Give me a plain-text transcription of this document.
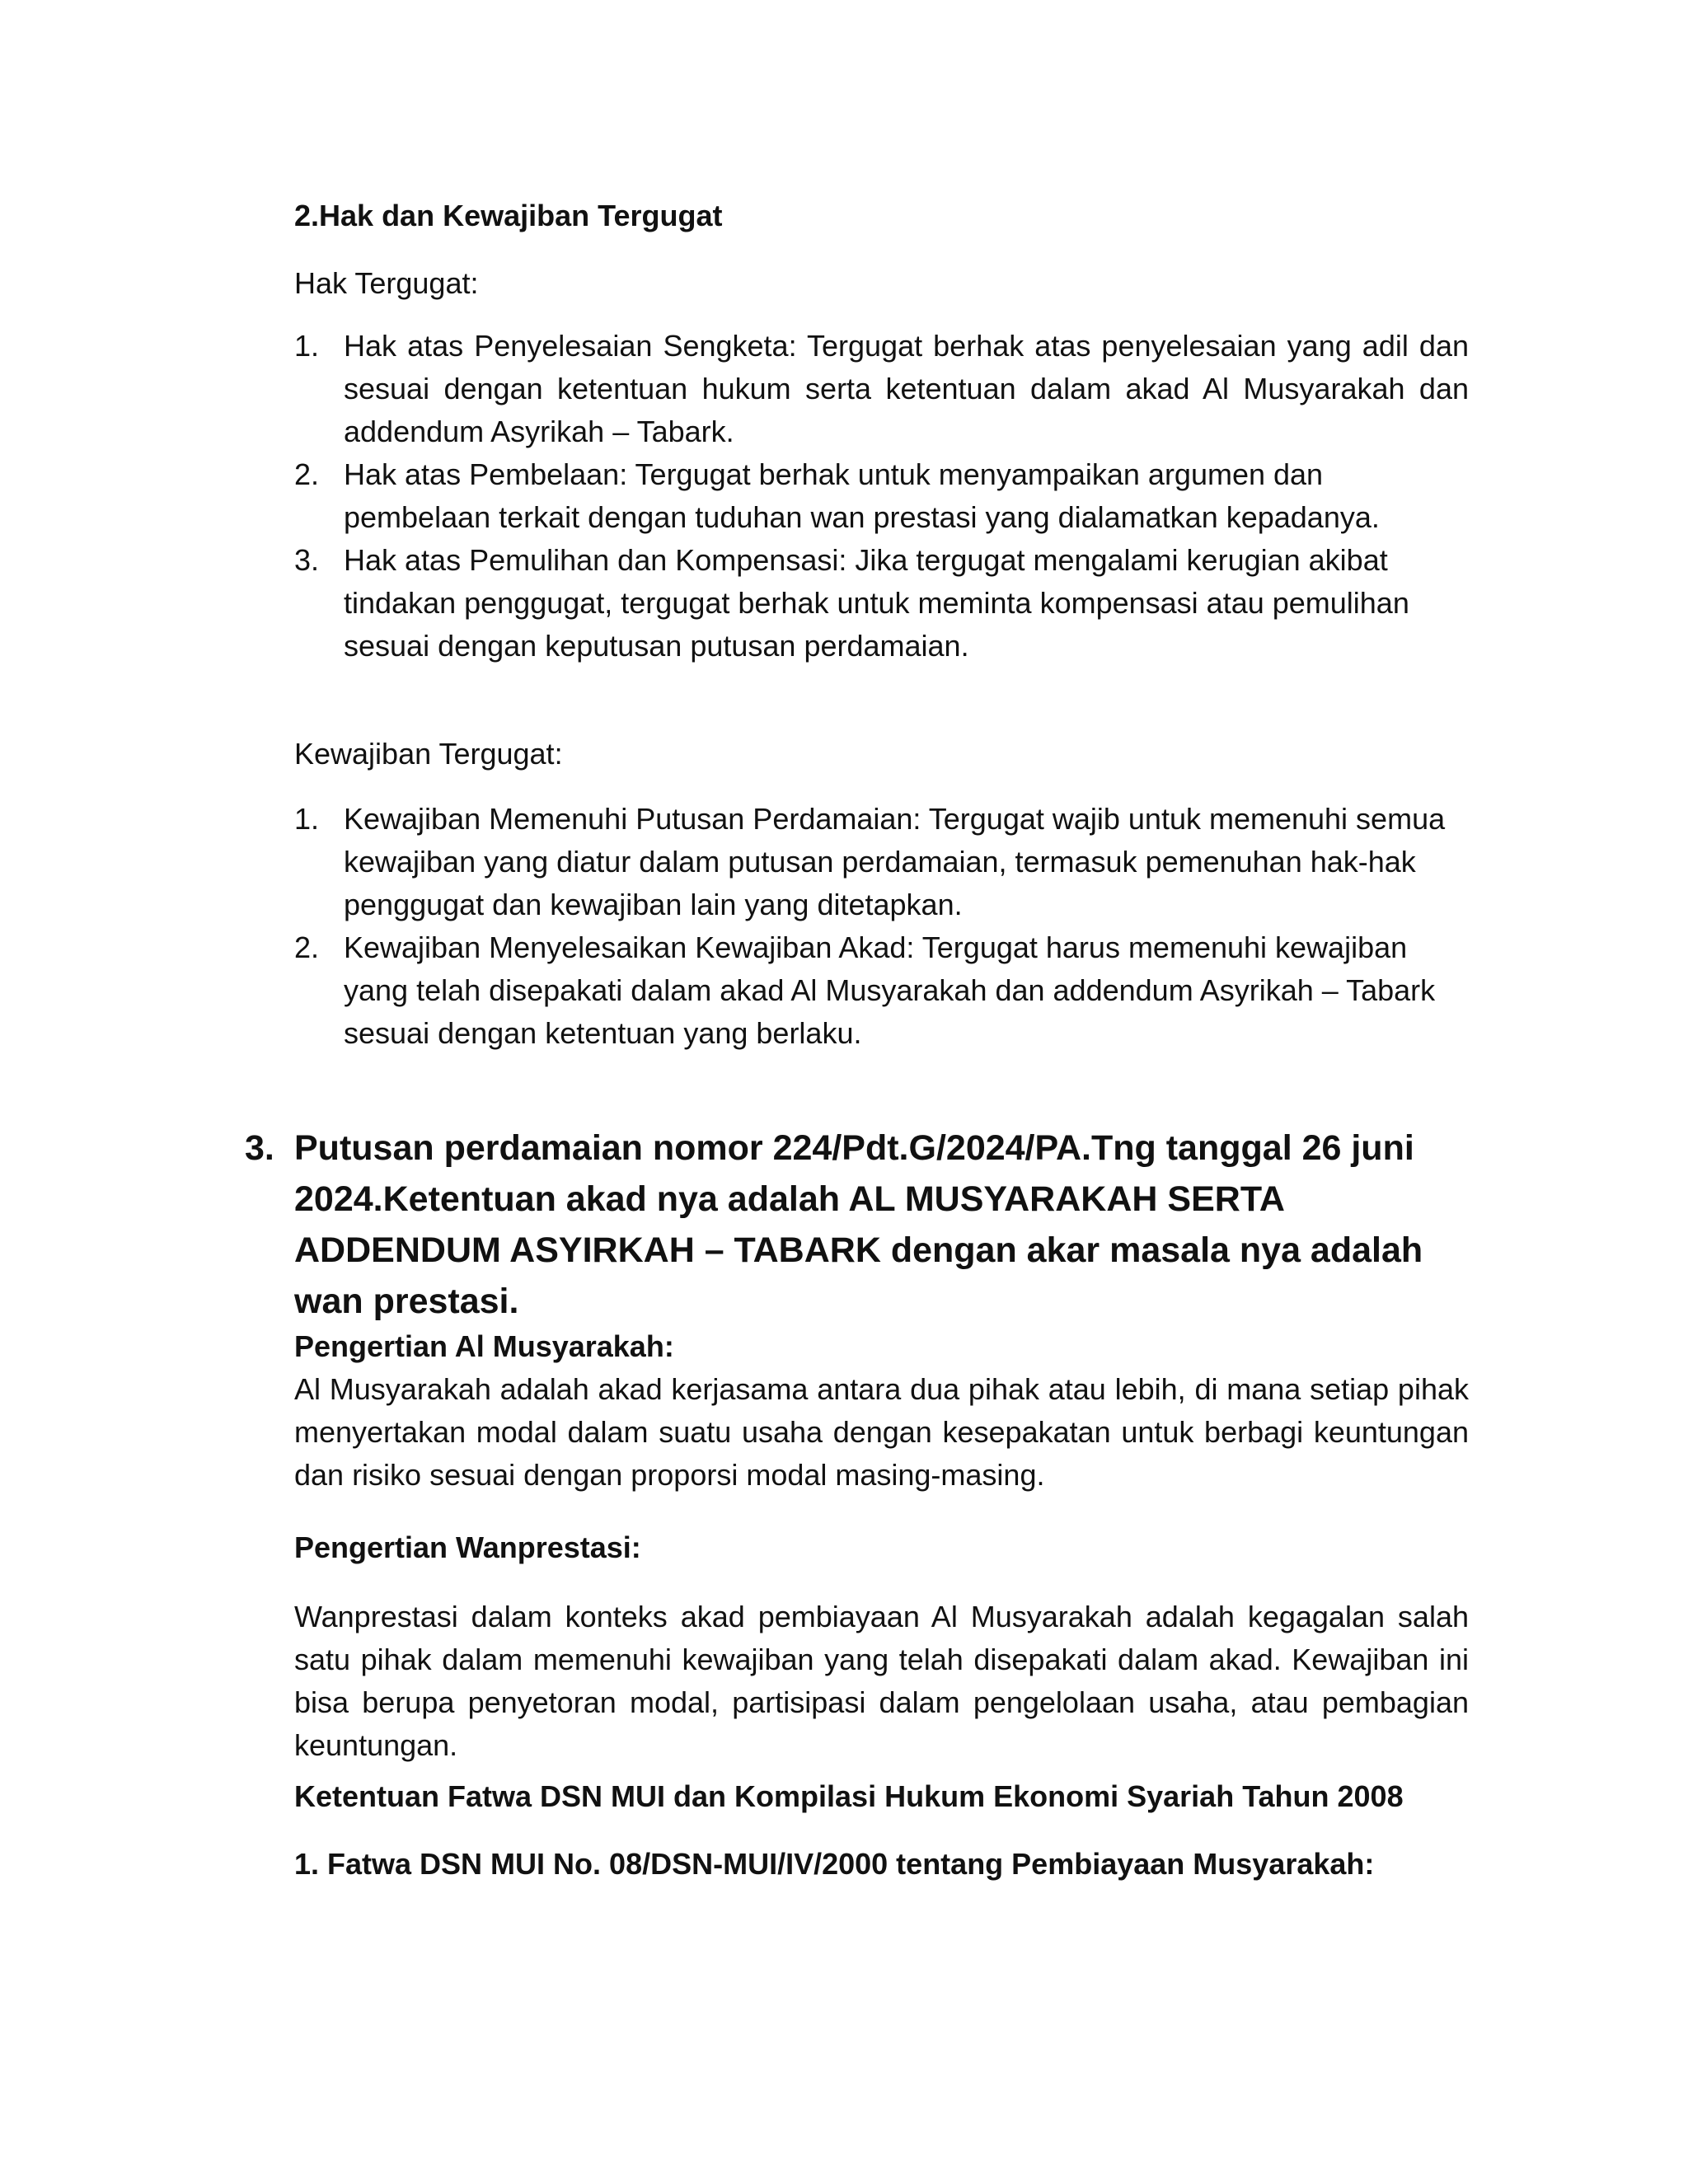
2.Hak dan Kewajiban Tergugat
Hak Tergugat:
1. Hak atas Penyelesaian Sengketa: Tergugat berhak atas penyelesaian yang adil dan sesuai dengan ketentuan hukum serta ketentuan dalam akad Al Musyarakah dan addendum Asyrikah – Tabark.
2. Hak atas Pembelaan: Tergugat berhak untuk menyampaikan argumen dan pembelaan terkait dengan tuduhan wan prestasi yang dialamatkan kepadanya.
3. Hak atas Pemulihan dan Kompensasi: Jika tergugat mengalami kerugian akibat tindakan penggugat, tergugat berhak untuk meminta kompensasi atau pemulihan sesuai dengan keputusan putusan perdamaian.
Kewajiban Tergugat:
1. Kewajiban Memenuhi Putusan Perdamaian: Tergugat wajib untuk memenuhi semua kewajiban yang diatur dalam putusan perdamaian, termasuk pemenuhan hak-hak penggugat dan kewajiban lain yang ditetapkan.
2. Kewajiban Menyelesaikan Kewajiban Akad: Tergugat harus memenuhi kewajiban yang telah disepakati dalam akad Al Musyarakah dan addendum Asyrikah – Tabark sesuai dengan ketentuan yang berlaku.
3. Putusan perdamaian nomor 224/Pdt.G/2024/PA.Tng tanggal 26 juni 2024.Ketentuan akad nya adalah AL MUSYARAKAH SERTA ADDENDUM ASYIRKAH – TABARK dengan akar masala nya adalah wan prestasi.
Pengertian Al Musyarakah:
Al Musyarakah adalah akad kerjasama antara dua pihak atau lebih, di mana setiap pihak menyertakan modal dalam suatu usaha dengan kesepakatan untuk berbagi keuntungan dan risiko sesuai dengan proporsi modal masing-masing.
Pengertian Wanprestasi:
Wanprestasi dalam konteks akad pembiayaan Al Musyarakah adalah kegagalan salah satu pihak dalam memenuhi kewajiban yang telah disepakati dalam akad. Kewajiban ini bisa berupa penyetoran modal, partisipasi dalam pengelolaan usaha, atau pembagian keuntungan.
Ketentuan Fatwa DSN MUI dan Kompilasi Hukum Ekonomi Syariah Tahun 2008
1. Fatwa DSN MUI No. 08/DSN-MUI/IV/2000 tentang Pembiayaan Musyarakah:
